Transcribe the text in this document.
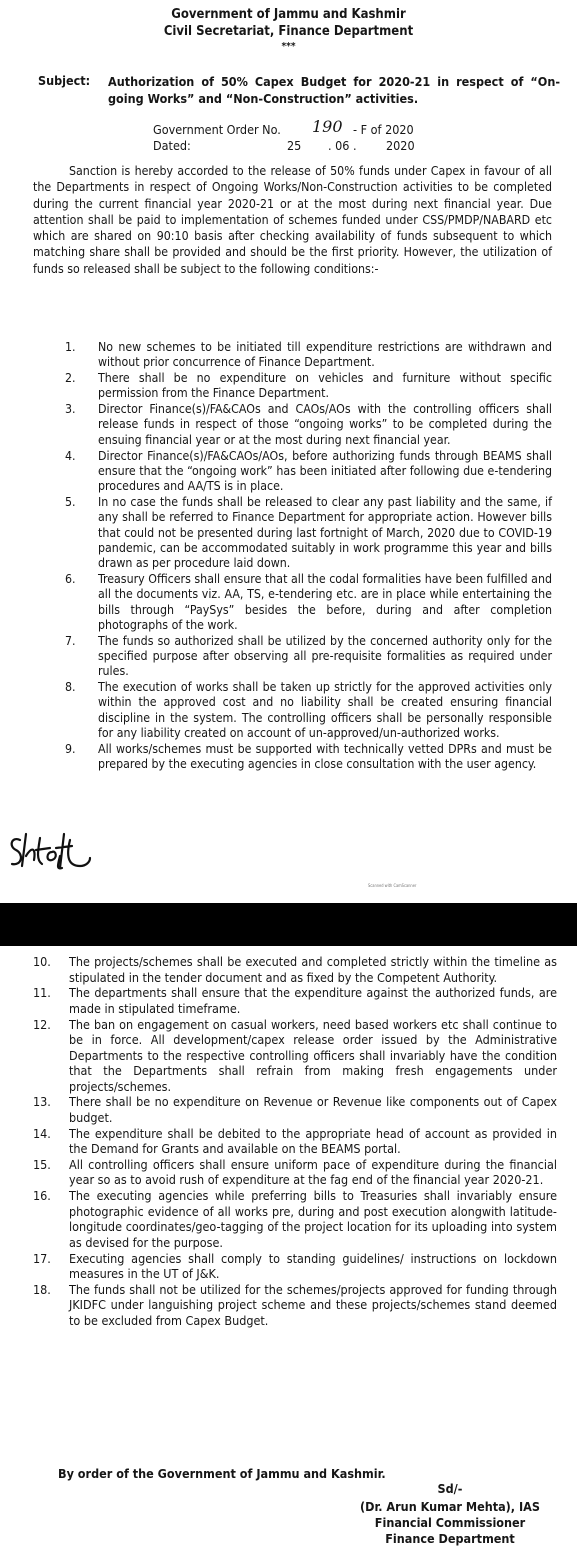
Government of Jammu and Kashmir
Civil Secretariat, Finance Department
***
Subject: Authorization of 50% Capex Budget for 2020-21 in respect of “On-going Works” and “Non-Construction” activities.
Government Order No. 190 - F of 2020
Dated:	25 . 06 . 2020

Sanction is hereby accorded to the release of 50% funds under Capex in favour of all the Departments in respect of Ongoing Works/Non-Construction activities to be completed during the current financial year 2020-21 or at the most during next financial year. Due attention shall be paid to implementation of schemes funded under CSS/PMDP/NABARD etc which are shared on 90:10 basis after checking availability of funds subsequent to which matching share shall be provided and should be the first priority. However, the utilization of funds so released shall be subject to the following conditions:-

1. No new schemes to be initiated till expenditure restrictions are withdrawn and without prior concurrence of Finance Department.
2. There shall be no expenditure on vehicles and furniture without specific permission from the Finance Department.
3. Director Finance(s)/FA&CAOs and CAOs/AOs with the controlling officers shall release funds in respect of those “ongoing works” to be completed during the ensuing financial year or at the most during next financial year.
4. Director Finance(s)/FA&CAOs/AOs, before authorizing funds through BEAMS shall ensure that the “ongoing work” has been initiated after following due e-tendering procedures and AA/TS is in place.
5. In no case the funds shall be released to clear any past liability and the same, if any shall be referred to Finance Department for appropriate action. However bills that could not be presented during last fortnight of March, 2020 due to COVID-19 pandemic, can be accommodated suitably in work programme this year and bills drawn as per procedure laid down.
6. Treasury Officers shall ensure that all the codal formalities have been fulfilled and all the documents viz. AA, TS, e-tendering etc. are in place while entertaining the bills through “PaySys” besides the before, during and after completion photographs of the work.
7. The funds so authorized shall be utilized by the concerned authority only for the specified purpose after observing all pre-requisite formalities as required under rules.
8. The execution of works shall be taken up strictly for the approved activities only within the approved cost and no liability shall be created ensuring financial discipline in the system. The controlling officers shall be personally responsible for any liability created on account of un-approved/un-authorized works.
9. All works/schemes must be supported with technically vetted DPRs and must be prepared by the executing agencies in close consultation with the user agency.
Scanned with CamScanner
10. The projects/schemes shall be executed and completed strictly within the timeline as stipulated in the tender document and as fixed by the Competent Authority.
11. The departments shall ensure that the expenditure against the authorized funds, are made in stipulated timeframe.
12. The ban on engagement on casual workers, need based workers etc shall continue to be in force. All development/capex release order issued by the Administrative Departments to the respective controlling officers shall invariably have the condition that the Departments shall refrain from making fresh engagements under projects/schemes.
13. There shall be no expenditure on Revenue or Revenue like components out of Capex budget.
14. The expenditure shall be debited to the appropriate head of account as provided in the Demand for Grants and available on the BEAMS portal.
15. All controlling officers shall ensure uniform pace of expenditure during the financial year so as to avoid rush of expenditure at the fag end of the financial year 2020-21.
16. The executing agencies while preferring bills to Treasuries shall invariably ensure photographic evidence of all works pre, during and post execution alongwith latitude-longitude coordinates/geo-tagging of the project location for its uploading into system as devised for the purpose.
17. Executing agencies shall comply to standing guidelines/ instructions on lockdown measures in the UT of J&K.
18. The funds shall not be utilized for the schemes/projects approved for funding through JKIDFC under languishing project scheme and these projects/schemes stand deemed to be excluded from Capex Budget.
By order of the Government of Jammu and Kashmir.
Sd/-
(Dr. Arun Kumar Mehta), IAS
Financial Commissioner
Finance Department
